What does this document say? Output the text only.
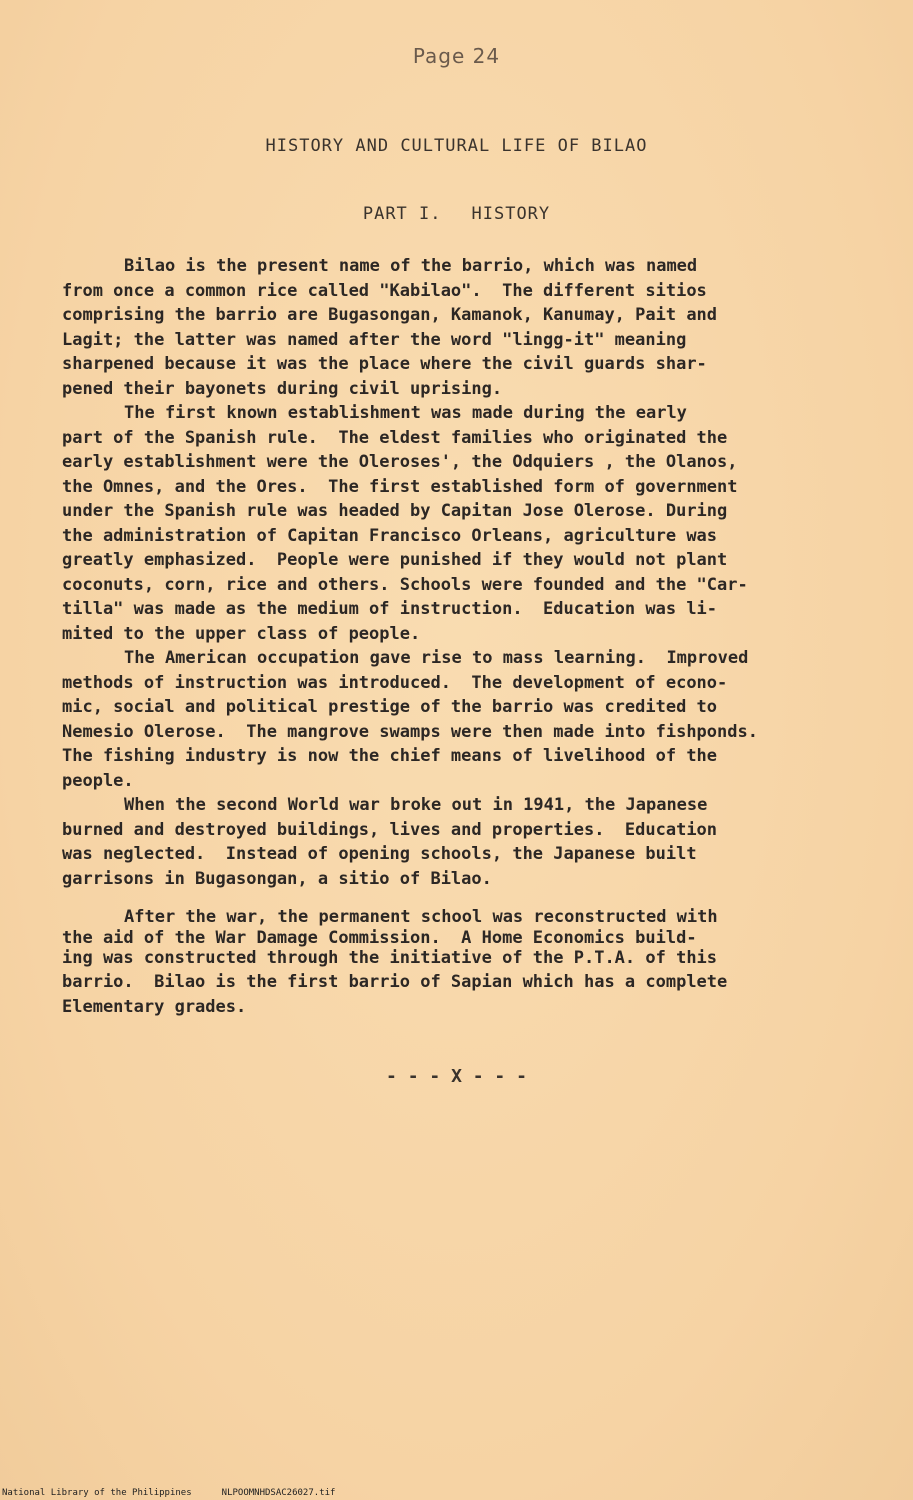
Page 24
HISTORY AND CULTURAL LIFE OF BILAO
PART I. HISTORY

Bilao is the present name of the barrio, which was named
from once a common rice called "Kabilao".  The different sitios
comprising the barrio are Bugasongan, Kamanok, Kanumay, Pait and
Lagit; the latter was named after the word "lingg-it" meaning
sharpened because it was the place where the civil guards shar-
pened their bayonets during civil uprising.

The first known establishment was made during the early
part of the Spanish rule.  The eldest families who originated the
early establishment were the Oleroses', the Odquiers , the Olanos,
the Omnes, and the Ores.  The first established form of government
under the Spanish rule was headed by Capitan Jose Olerose. During
the administration of Capitan Francisco Orleans, agriculture was
greatly emphasized.  People were punished if they would not plant
coconuts, corn, rice and others. Schools were founded and the "Car-
tilla" was made as the medium of instruction.  Education was li-
mited to the upper class of people.

The American occupation gave rise to mass learning.  Improved
methods of instruction was introduced.  The development of econo-
mic, social and political prestige of the barrio was credited to
Nemesio Olerose.  The mangrove swamps were then made into fishponds.
The fishing industry is now the chief means of livelihood of the
people.

When the second World war broke out in 1941, the Japanese
burned and destroyed buildings, lives and properties.  Education
was neglected.  Instead of opening schools, the Japanese built
garrisons in Bugasongan, a sitio of Bilao.

After the war, the permanent school was reconstructed with
the aid of the War Damage Commission.  A Home Economics build-
ing was constructed through the initiative of the P.T.A. of this
barrio.  Bilao is the first barrio of Sapian which has a complete
Elementary grades.

- - - X - - -
National Library of the Philippines	NLPOOMNHDSAC26027.tif
